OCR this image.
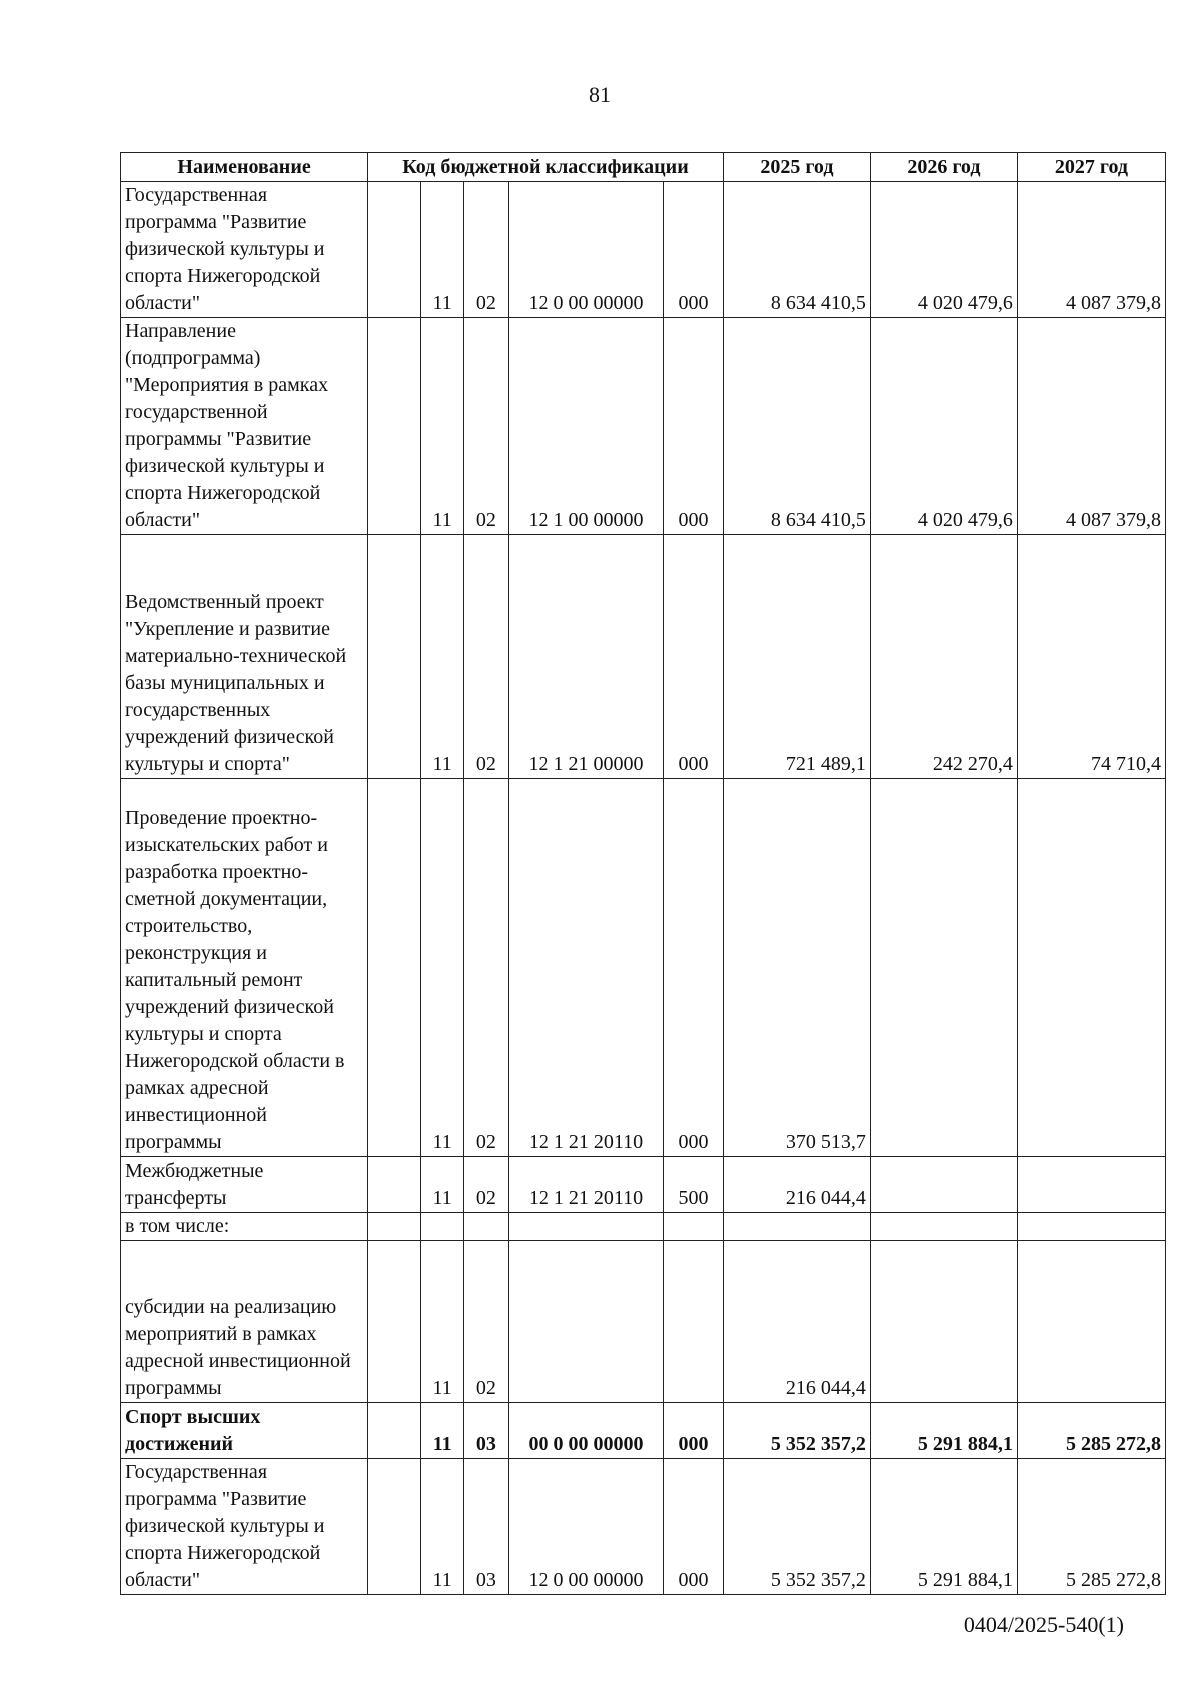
81
Наименование	Код бюджетной классификации					2025 год	2026 год	2027 год
Государственная программа "Развитие физической культуры и спорта Нижегородской области"		11	02	12 0 00 00000	000	8 634 410,5	4 020 479,6	4 087 379,8
Направление (подпрограмма) "Мероприятия в рамках государственной программы "Развитие физической культуры и спорта Нижегородской области"		11	02	12 1 00 00000	000	8 634 410,5	4 020 479,6	4 087 379,8
Ведомственный проект "Укрепление и развитие материально-технической базы муниципальных и государственных учреждений физической культуры и спорта"		11	02	12 1 21 00000	000	721 489,1	242 270,4	74 710,4
Проведение проектно-изыскательских работ и разработка проектно-сметной документации, строительство, реконструкция и капитальный ремонт учреждений физической культуры и спорта Нижегородской области в рамках адресной инвестиционной программы		11	02	12 1 21 20110	000	370 513,7		
Межбюджетные трансферты		11	02	12 1 21 20110	500	216 044,4		
в том числе:								
субсидии на реализацию мероприятий в рамках адресной инвестиционной программы		11	02			216 044,4		
Спорт высших достижений		11	03	00 0 00 00000	000	5 352 357,2	5 291 884,1	5 285 272,8
Государственная программа "Развитие физической культуры и спорта Нижегородской области"		11	03	12 0 00 00000	000	5 352 357,2	5 291 884,1	5 285 272,8
0404/2025-540(1)
